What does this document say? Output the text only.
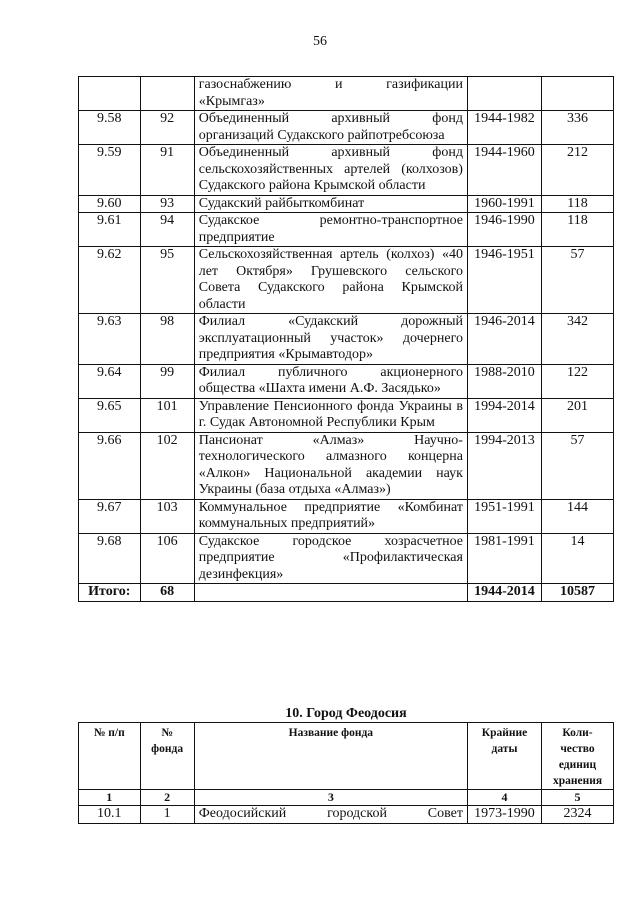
56

		газоснабжению и газификации
«Крымгаз»		

9.58	92	Объединенный архивный фонд организаций Судакского райпотребсоюза	1944-1982	336
9.59	91	Объединенный архивный фонд сельскохозяйственных артелей (колхозов) Судакского района Крымской области	1944-1960	212
9.60	93	Судакский райбыткомбинат	1960-1991	118
9.61	94	Судакское ремонтно-транспортное предприятие	1946-1990	118
9.62	95	Сельскохозяйственная артель (колхоз) «40 лет Октября» Грушевского сельского Совета Судакского района Крымской области	1946-1951	57
9.63	98	Филиал «Судакский дорожный эксплуатационный участок» дочернего предприятия «Крымавтодор»	1946-2014	342
9.64	99	Филиал публичного акционерного общества «Шахта имени А.Ф. Засядько»	1988-2010	122
9.65	101	Управление Пенсионного фонда Украины в г. Судак Автономной Республики Крым	1994-2014	201
9.66	102	Пансионат «Алмаз» Научно-технологического алмазного концерна «Алкон» Национальной академии наук Украины (база отдыха «Алмаз»)	1994-2013	57
9.67	103	Коммунальное предприятие «Комбинат коммунальных предприятий»	1951-1991	144
9.68	106	Судакское городское хозрасчетное предприятие «Профилактическая дезинфекция»	1981-1991	14
Итого:	68		1944-2014	10587
10. Город Феодосия
№ п/п	№ фонда	Название фонда	Крайние даты	Коли-чество единиц хранения
1	2	3	4	5
10.1	1	Феодосийский городской Совет	1973-1990	2324
